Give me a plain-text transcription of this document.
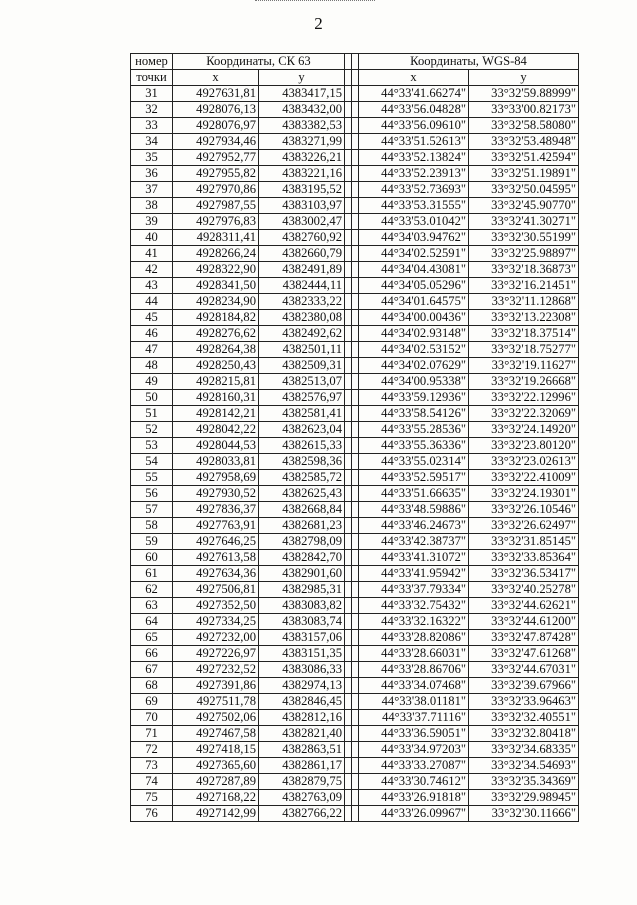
2
номер	Координаты, СК 63				Координаты, WGS-84	
точки	x	y			x	y
31	4927631,81	4383417,15			44°33'41.66274"	33°32'59.88999"
32	4928076,13	4383432,00			44°33'56.04828"	33°33'00.82173"
33	4928076,97	4383382,53			44°33'56.09610"	33°32'58.58080"
34	4927934,46	4383271,99			44°33'51.52613"	33°32'53.48948"
35	4927952,77	4383226,21			44°33'52.13824"	33°32'51.42594"
36	4927955,82	4383221,16			44°33'52.23913"	33°32'51.19891"
37	4927970,86	4383195,52			44°33'52.73693"	33°32'50.04595"
38	4927987,55	4383103,97			44°33'53.31555"	33°32'45.90770"
39	4927976,83	4383002,47			44°33'53.01042"	33°32'41.30271"
40	4928311,41	4382760,92			44°34'03.94762"	33°32'30.55199"
41	4928266,24	4382660,79			44°34'02.52591"	33°32'25.98897"
42	4928322,90	4382491,89			44°34'04.43081"	33°32'18.36873"
43	4928341,50	4382444,11			44°34'05.05296"	33°32'16.21451"
44	4928234,90	4382333,22			44°34'01.64575"	33°32'11.12868"
45	4928184,82	4382380,08			44°34'00.00436"	33°32'13.22308"
46	4928276,62	4382492,62			44°34'02.93148"	33°32'18.37514"
47	4928264,38	4382501,11			44°34'02.53152"	33°32'18.75277"
48	4928250,43	4382509,31			44°34'02.07629"	33°32'19.11627"
49	4928215,81	4382513,07			44°34'00.95338"	33°32'19.26668"
50	4928160,31	4382576,97			44°33'59.12936"	33°32'22.12996"
51	4928142,21	4382581,41			44°33'58.54126"	33°32'22.32069"
52	4928042,22	4382623,04			44°33'55.28536"	33°32'24.14920"
53	4928044,53	4382615,33			44°33'55.36336"	33°32'23.80120"
54	4928033,81	4382598,36			44°33'55.02314"	33°32'23.02613"
55	4927958,69	4382585,72			44°33'52.59517"	33°32'22.41009"
56	4927930,52	4382625,43			44°33'51.66635"	33°32'24.19301"
57	4927836,37	4382668,84			44°33'48.59886"	33°32'26.10546"
58	4927763,91	4382681,23			44°33'46.24673"	33°32'26.62497"
59	4927646,25	4382798,09			44°33'42.38737"	33°32'31.85145"
60	4927613,58	4382842,70			44°33'41.31072"	33°32'33.85364"
61	4927634,36	4382901,60			44°33'41.95942"	33°32'36.53417"
62	4927506,81	4382985,31			44°33'37.79334"	33°32'40.25278"
63	4927352,50	4383083,82			44°33'32.75432"	33°32'44.62621"
64	4927334,25	4383083,74			44°33'32.16322"	33°32'44.61200"
65	4927232,00	4383157,06			44°33'28.82086"	33°32'47.87428"
66	4927226,97	4383151,35			44°33'28.66031"	33°32'47.61268"
67	4927232,52	4383086,33			44°33'28.86706"	33°32'44.67031"
68	4927391,86	4382974,13			44°33'34.07468"	33°32'39.67966"
69	4927511,78	4382846,45			44°33'38.01181"	33°32'33.96463"
70	4927502,06	4382812,16			44°33'37.71116"	33°32'32.40551"
71	4927467,58	4382821,40			44°33'36.59051"	33°32'32.80418"
72	4927418,15	4382863,51			44°33'34.97203"	33°32'34.68335"
73	4927365,60	4382861,17			44°33'33.27087"	33°32'34.54693"
74	4927287,89	4382879,75			44°33'30.74612"	33°32'35.34369"
75	4927168,22	4382763,09			44°33'26.91818"	33°32'29.98945"
76	4927142,99	4382766,22			44°33'26.09967"	33°32'30.11666"
